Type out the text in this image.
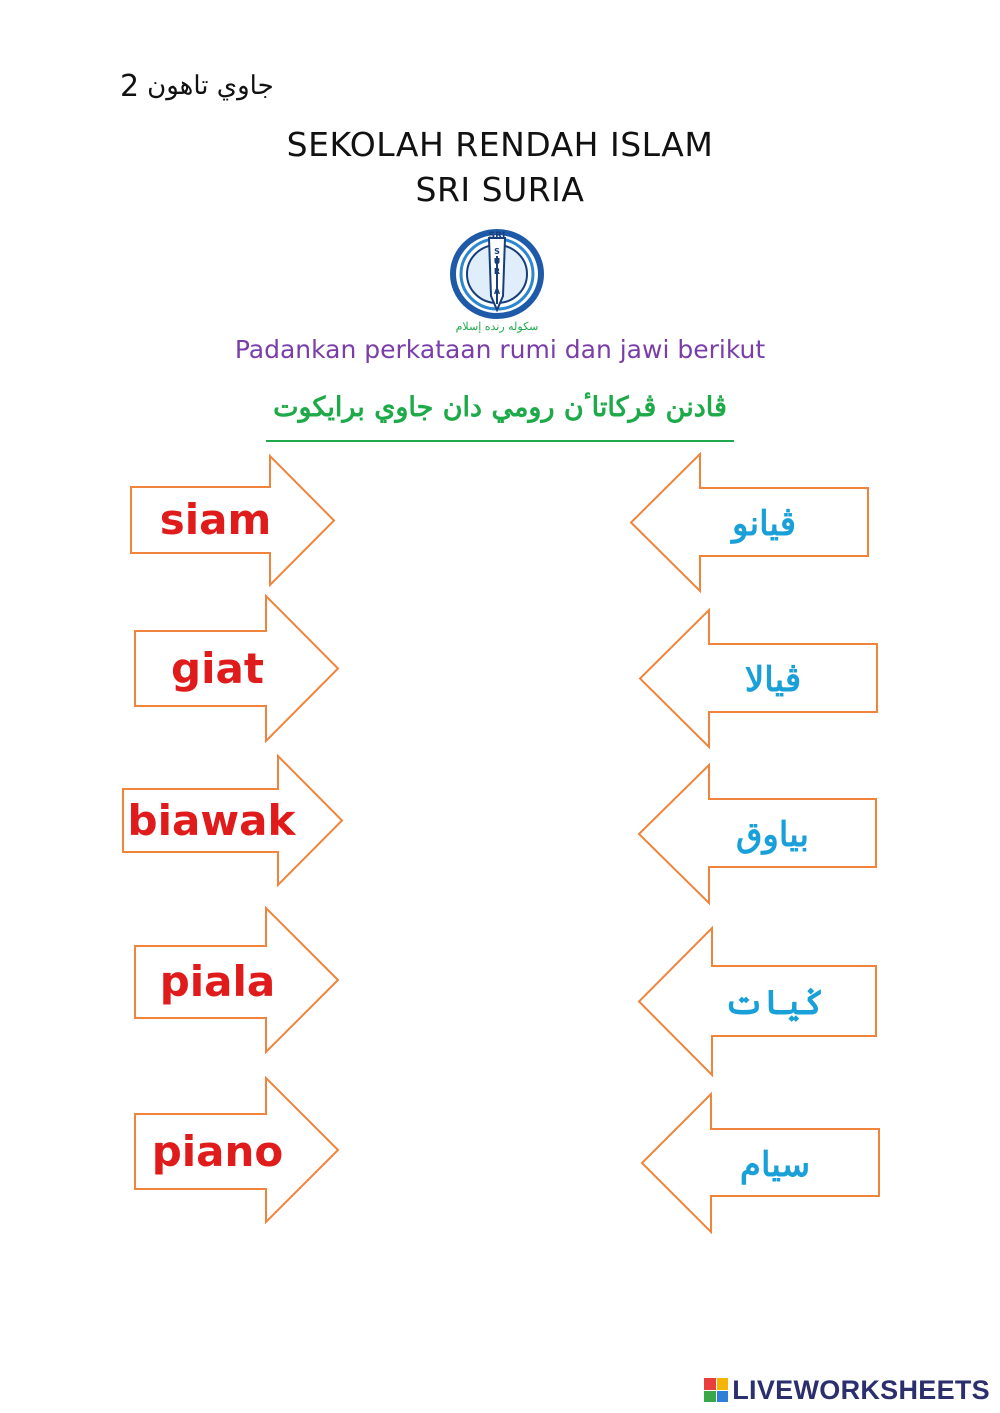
2 جاوي تاهون
SEKOLAH RENDAH ISLAM
SRI SURIA
SRI
S
U
R
I
A
سکوله رنده إسلام
Padankan perkataan rumi dan jawi berikut
ڤادنن ڤرکاتاٴن رومي دان جاوي برايکوت
siam
giat
biawak
piala
piano
ڤيانو
ڤيالا
بياوق
ݢيات
سيام
LIVEWORKSHEETS
